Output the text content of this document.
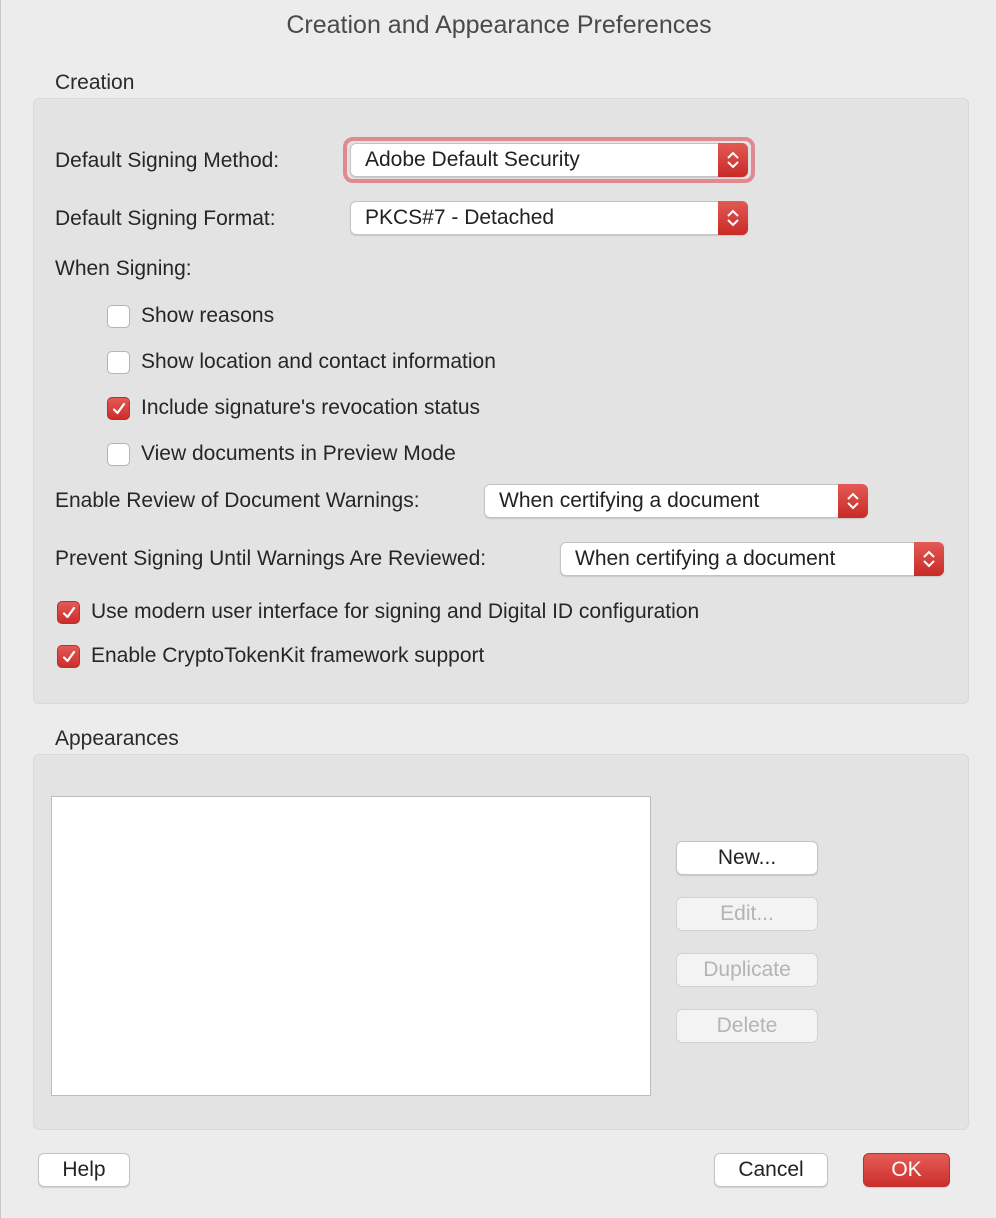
Creation and Appearance Preferences
Creation
Default Signing Method:	Adobe Default Security
Default Signing Format:	PKCS#7 - Detached
When Signing:
Show reasons
Show location and contact information
Include signature's revocation status
View documents in Preview Mode
Enable Review of Document Warnings:	When certifying a document
Prevent Signing Until Warnings Are Reviewed:	When certifying a document
Use modern user interface for signing and Digital ID configuration
Enable CryptoTokenKit framework support
Appearances
New...
Edit...
Duplicate
Delete
Help	Cancel	OK
